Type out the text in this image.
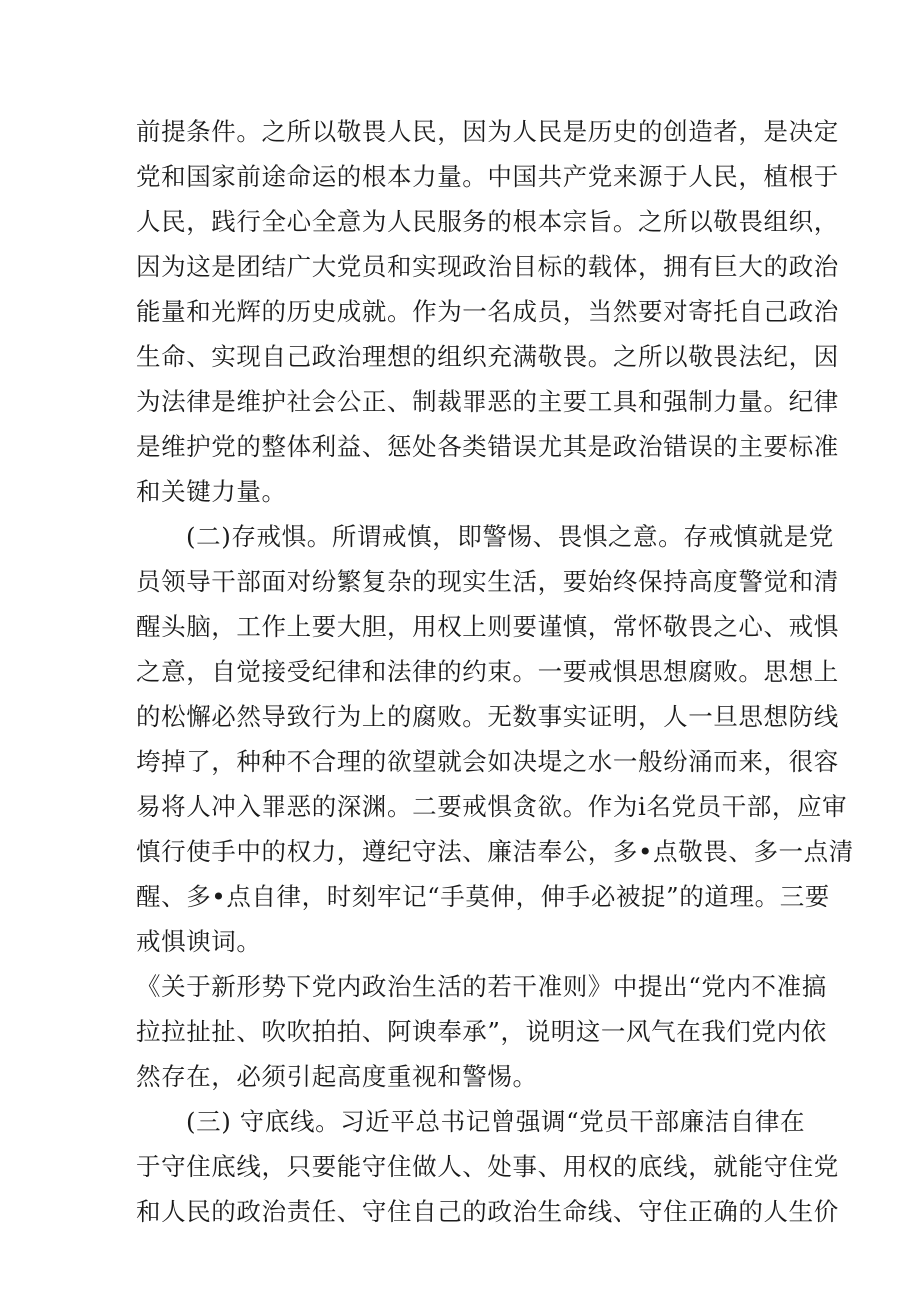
前提条件。之所以敬畏人民，因为人民是历史的创造者，是决定
党和国家前途命运的根本力量。中国共产党来源于人民，植根于
人民，践行全心全意为人民服务的根本宗旨。之所以敬畏组织，
因为这是团结广大党员和实现政治目标的载体，拥有巨大的政治
能量和光辉的历史成就。作为一名成员，当然要对寄托自己政治
生命、实现自己政治理想的组织充满敬畏。之所以敬畏法纪，因
为法律是维护社会公正、制裁罪恶的主要工具和强制力量。纪律
是维护党的整体利益、惩处各类错误尤其是政治错误的主要标准
和关键力量。
(二)存戒惧。所谓戒慎，即警惕、畏惧之意。存戒慎就是党
员领导干部面对纷繁复杂的现实生活，要始终保持高度警觉和清
醒头脑，工作上要大胆，用权上则要谨慎，常怀敬畏之心、戒惧
之意，自觉接受纪律和法律的约束。一要戒惧思想腐败。思想上
的松懈必然导致行为上的腐败。无数事实证明，人一旦思想防线
垮掉了，种种不合理的欲望就会如决堤之水一般纷涌而来，很容
易将人冲入罪恶的深渊。二要戒惧贪欲。作为i名党员干部，应审
慎行使手中的权力，遵纪守法、廉洁奉公，多•点敬畏、多一点清
醒、多•点自律，时刻牢记“手莫伸，伸手必被捉”的道理。三要
戒惧谀词。
《关于新形势下党内政治生活的若干准则》中提出“党内不准搞
拉拉扯扯、吹吹拍拍、阿谀奉承”，说明这一风气在我们党内依
然存在，必须引起高度重视和警惕。
(三) 守底线。习近平总书记曾强调“党员干部廉洁自律在
于守住底线，只要能守住做人、处事、用权的底线，就能守住党
和人民的政治责任、守住自己的政治生命线、守住正确的人生价
